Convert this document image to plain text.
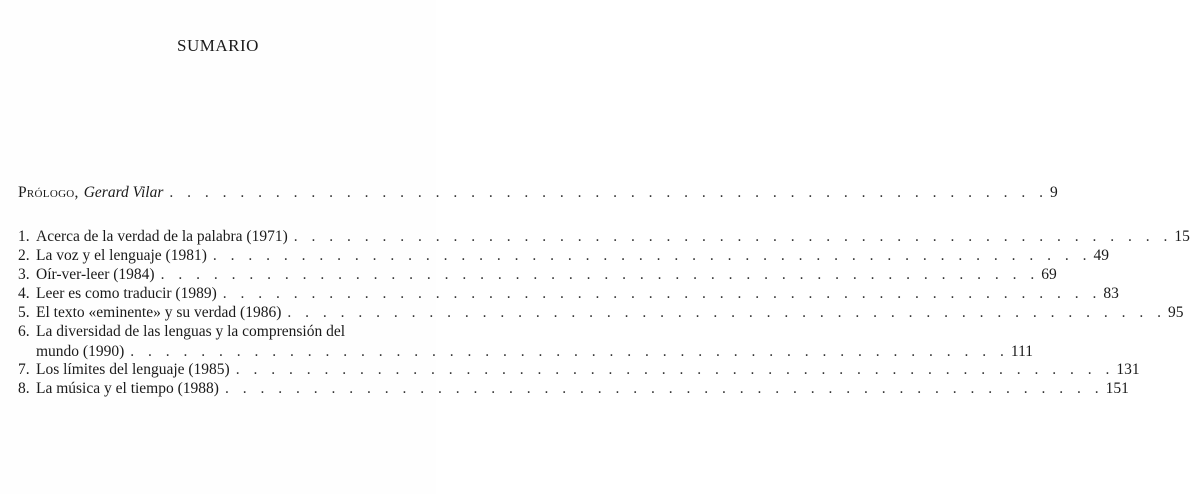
SUMARIO
Prólogo, Gerard Vilar . . . . . . . . . . . . . . . . . . . . . . . . . . . . . . . . . . . . . . . . . . . . . . . . . . 9
1. Acerca de la verdad de la palabra (1971) . . . . . . . . . . . . . . . . . . . . . . . . . . . . . . . . . . . . . . . . . . . . . . . . . . 15
2. La voz y el lenguaje (1981) . . . . . . . . . . . . . . . . . . . . . . . . . . . . . . . . . . . . . . . . . . . . . . . . . . 49
3. Oír-ver-leer (1984) . . . . . . . . . . . . . . . . . . . . . . . . . . . . . . . . . . . . . . . . . . . . . . . . . . 69
4. Leer es como traducir (1989) . . . . . . . . . . . . . . . . . . . . . . . . . . . . . . . . . . . . . . . . . . . . . . . . . . 83
5. El texto «eminente» y su verdad (1986) . . . . . . . . . . . . . . . . . . . . . . . . . . . . . . . . . . . . . . . . . . . . . . . . . . 95
6. La diversidad de las lenguas y la comprensión del
mundo (1990) . . . . . . . . . . . . . . . . . . . . . . . . . . . . . . . . . . . . . . . . . . . . . . . . . . 111
7. Los límites del lenguaje (1985) . . . . . . . . . . . . . . . . . . . . . . . . . . . . . . . . . . . . . . . . . . . . . . . . . . 131
8. La música y el tiempo (1988) . . . . . . . . . . . . . . . . . . . . . . . . . . . . . . . . . . . . . . . . . . . . . . . . . . 151
